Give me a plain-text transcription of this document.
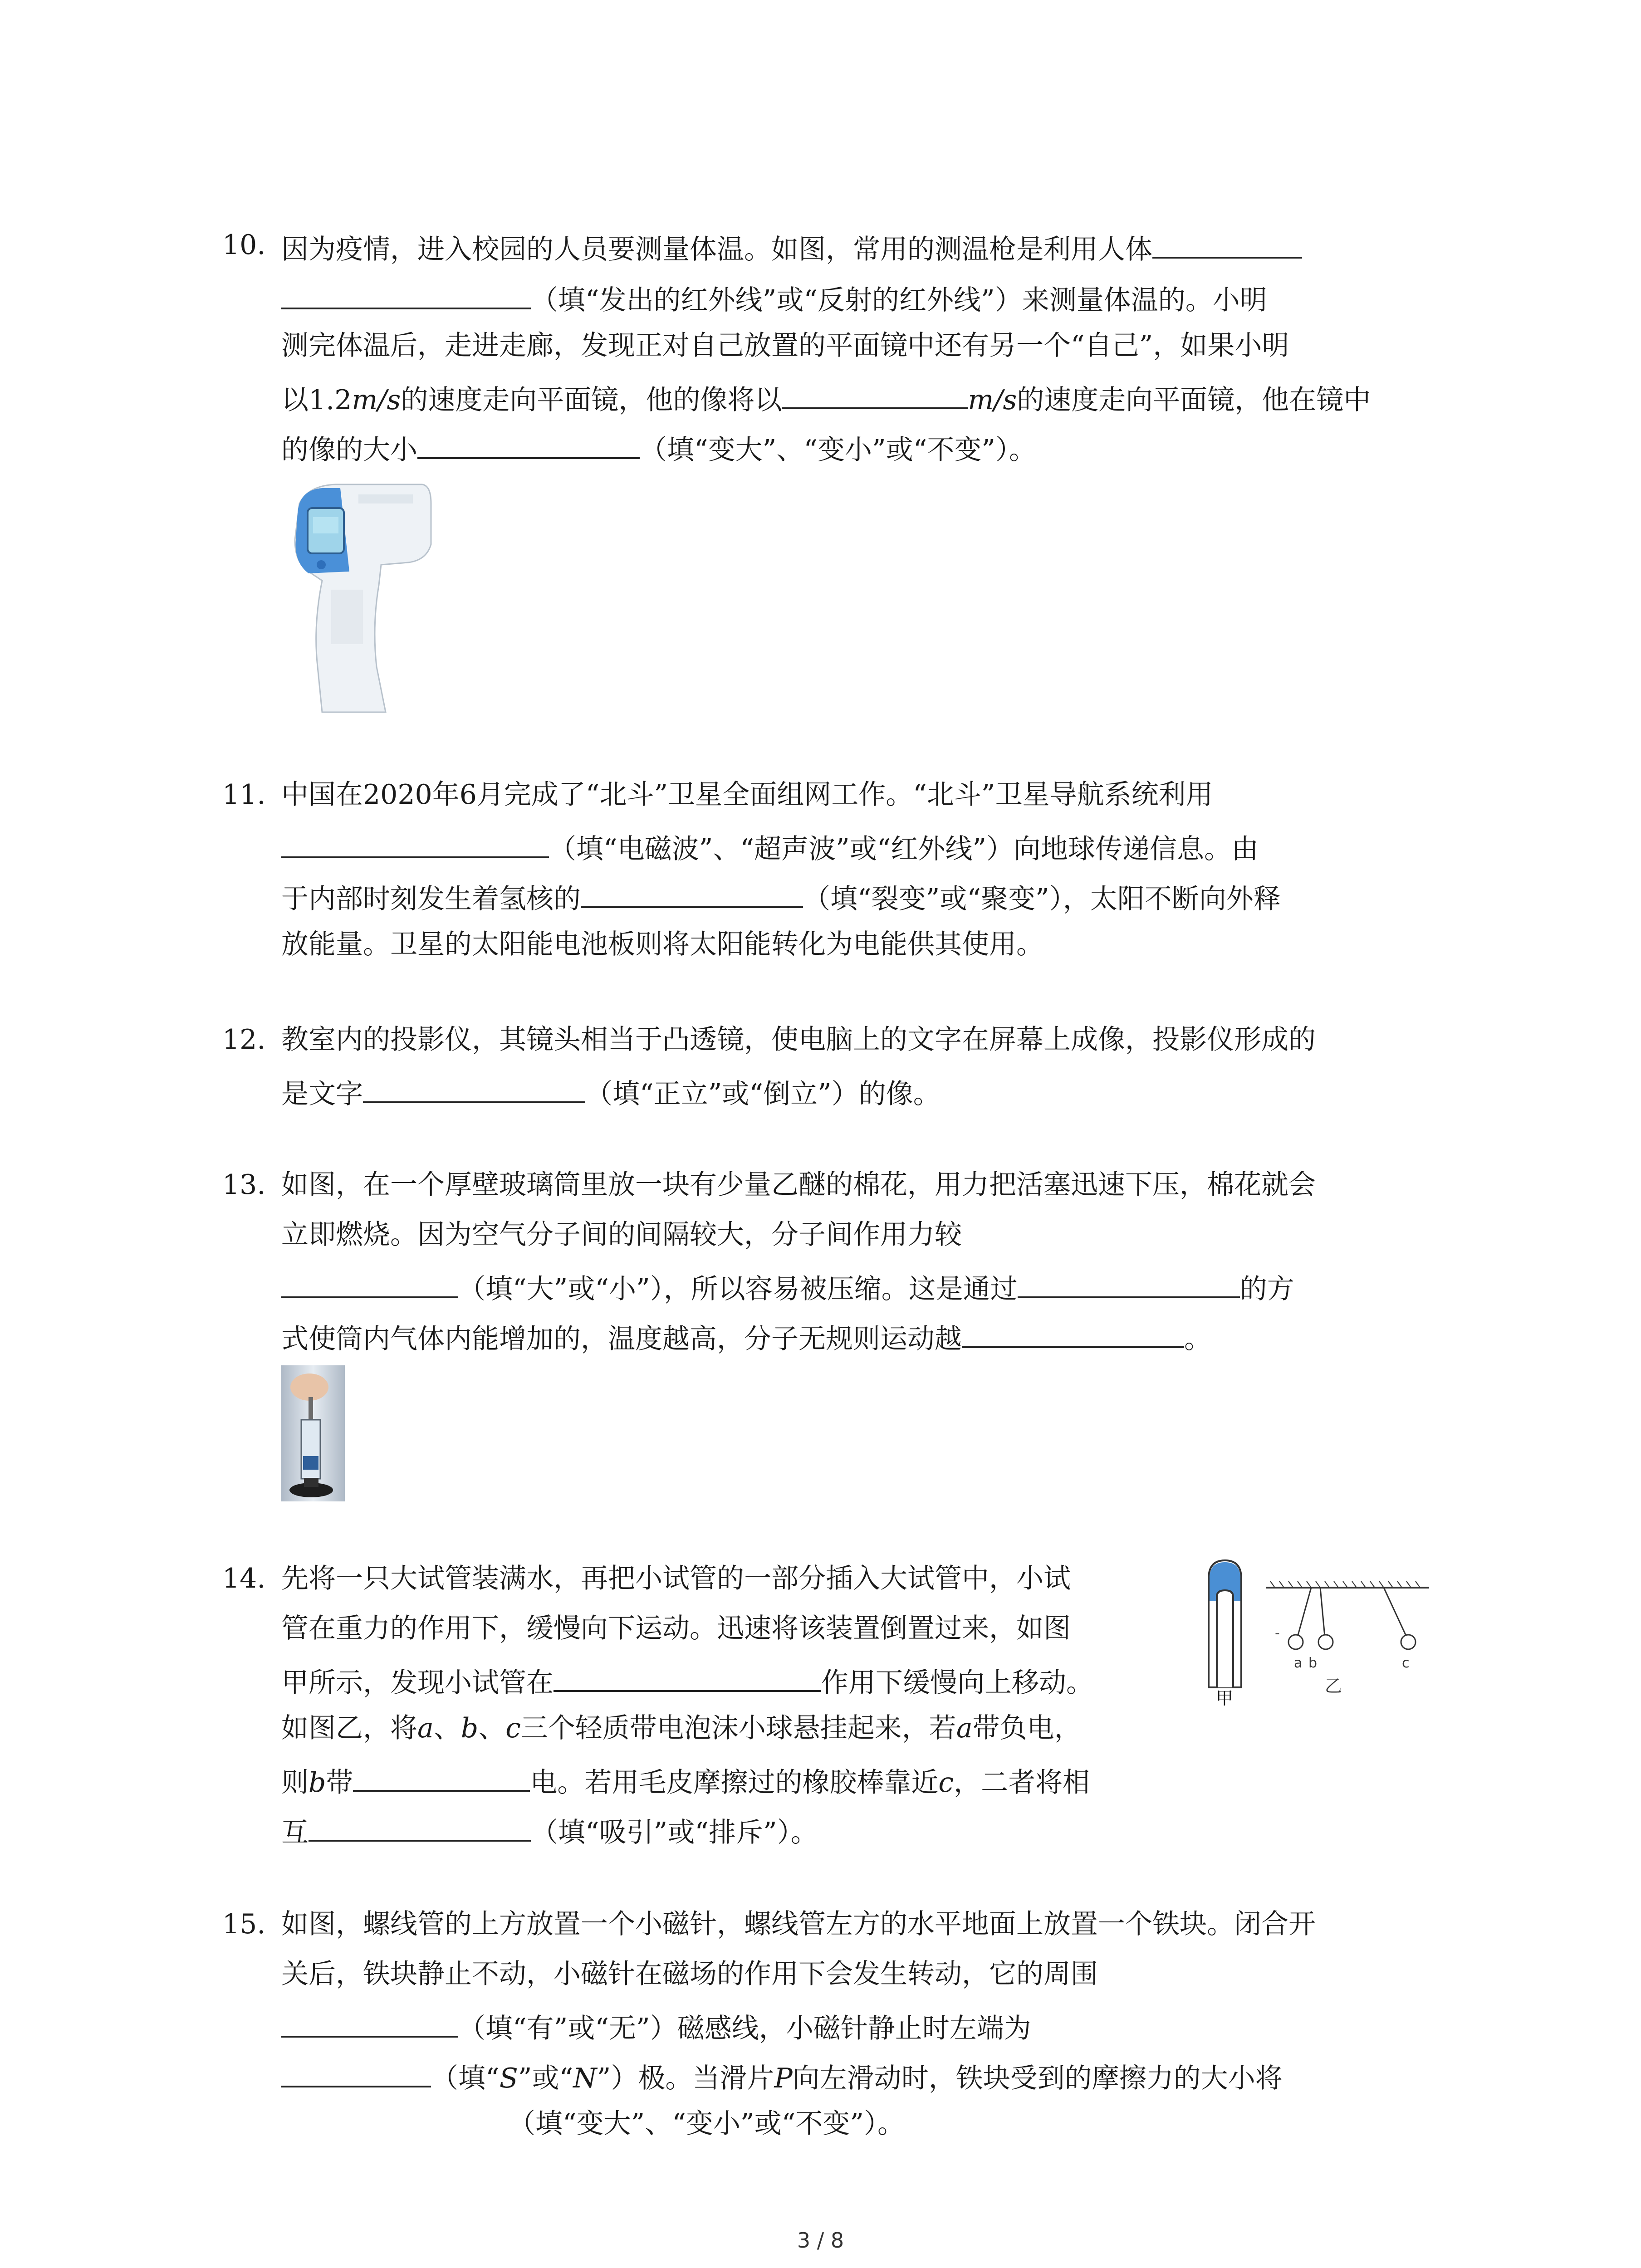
10. 因为疫情，进入校园的人员要测量体温。如图，常用的测温枪是利用人体
（填“发出的红外线”或“反射的红外线”）来测量体温的。小明
测完体温后，走进走廊，发现正对自己放置的平面镜中还有另一个“自己”，如果小明
以1.2m/s的速度走向平面镜，他的像将以	m/s的速度走向平面镜，他在镜中
的像的大小	（填“变大”、“变小”或“不变”）。
11. 中国在2020年6月完成了“北斗”卫星全面组网工作。“北斗”卫星导航系统利用
（填“电磁波”、“超声波”或“红外线”）向地球传递信息。由
于内部时刻发生着氢核的	（填“裂变”或“聚变”），太阳不断向外释
放能量。卫星的太阳能电池板则将太阳能转化为电能供其使用。
12. 教室内的投影仪，其镜头相当于凸透镜，使电脑上的文字在屏幕上成像，投影仪形成的
是文字	（填“正立”或“倒立”）的像。
13. 如图，在一个厚壁玻璃筒里放一块有少量乙醚的棉花，用力把活塞迅速下压，棉花就会
立即燃烧。因为空气分子间的间隔较大，分子间作用力较
（填“大”或“小”），所以容易被压缩。这是通过	的方
式使筒内气体内能增加的，温度越高，分子无规则运动越	。
14. 先将一只大试管装满水，再把小试管的一部分插入大试管中，小试
管在重力的作用下，缓慢向下运动。迅速将该装置倒置过来，如图
甲所示，发现小试管在	作用下缓慢向上移动。
如图乙，将a、b、c三个轻质带电泡沫小球悬挂起来，若a带负电，
则b带	电。若用毛皮摩擦过的橡胶棒靠近c，二者将相
互	（填“吸引”或“排斥”）。
甲
-
a b	c
乙
15. 如图，螺线管的上方放置一个小磁针，螺线管左方的水平地面上放置一个铁块。闭合开
关后，铁块静止不动，小磁针在磁场的作用下会发生转动，它的周围
（填“有”或“无”）磁感线，小磁针静止时左端为
（填“S”或“N”）极。当滑片P向左滑动时，铁块受到的摩擦力的大小将
（填“变大”、“变小”或“不变”）。
3 / 8
